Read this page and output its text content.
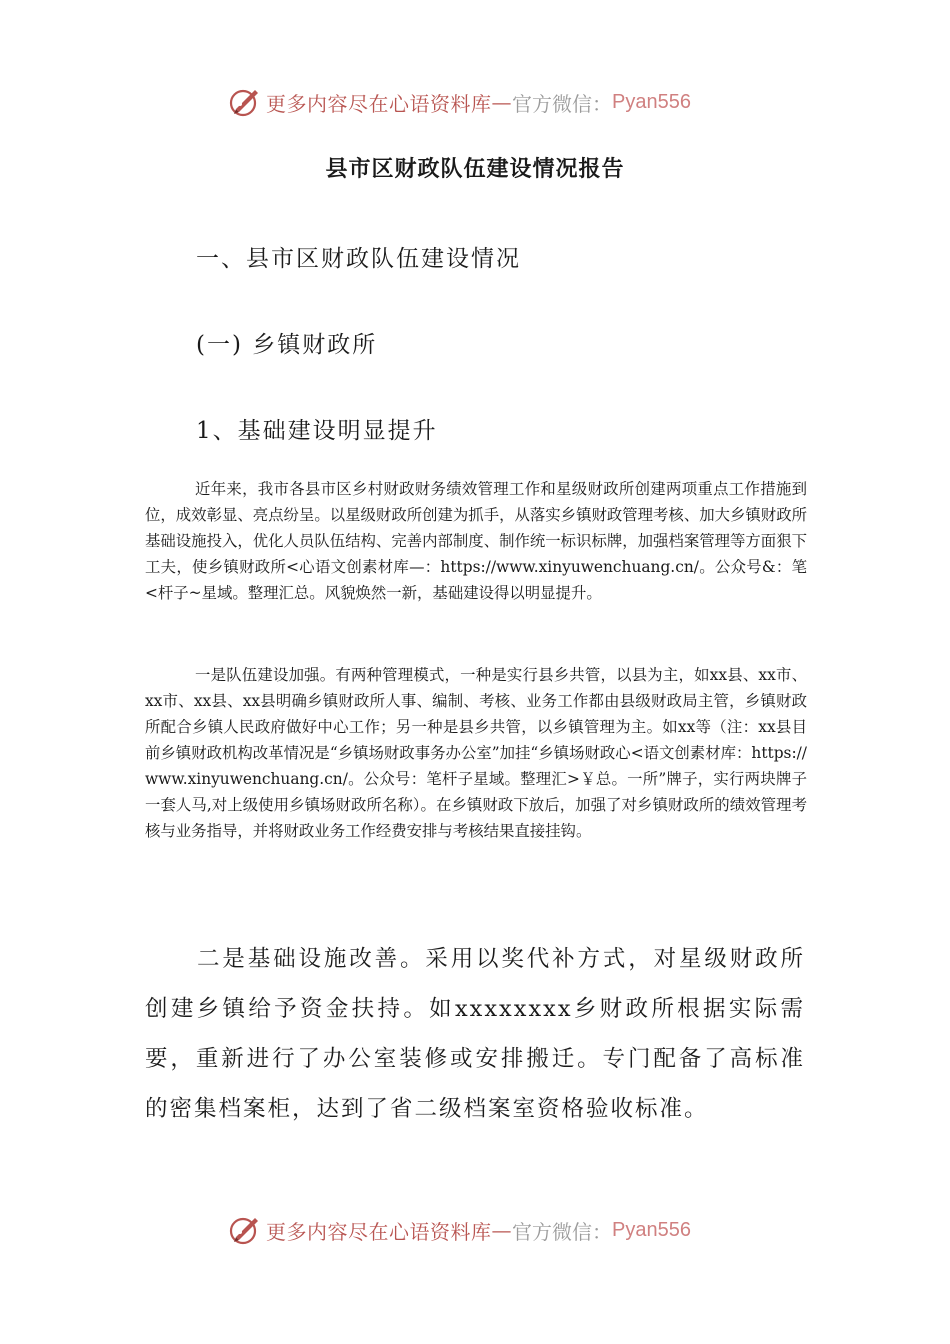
更多内容尽在心语资料库 — 官方微信： Pyan556
县市区财政队伍建设情况报告
一、县市区财政队伍建设情况
(一) 乡镇财政所
1、基础建设明显提升

近年来，我市各县市区乡村财政财务绩效管理工作和星级财政所创建两项重点工作措施到位，成效彰显、亮点纷呈。以星级财政所创建为抓手，从落实乡镇财政管理考核、加大乡镇财政所基础设施投入，优化人员队伍结构、完善内部制度、制作统一标识标牌，加强档案管理等方面狠下工夫，使乡镇财政所<心语文创素材库—：https://www.xinyuwenchuang.cn/。公众号&：笔<杆子~星域。整理汇总。风貌焕然一新，基础建设得以明显提升。

一是队伍建设加强。有两种管理模式，一种是实行县乡共管，以县为主，如xx县、xx市、xx市、xx县、xx县明确乡镇财政所人事、编制、考核、业务工作都由县级财政局主管，乡镇财政所配合乡镇人民政府做好中心工作；另一种是县乡共管，以乡镇管理为主。如xx等（注：xx县目前乡镇财政机构改革情况是“乡镇场财政事务办公室”加挂“乡镇场财政心<语文创素材库：https://www.xinyuwenchuang.cn/。公众号：笔杆子星域。整理汇>￥总。一所”牌子，实行两块牌子一套人马,对上级使用乡镇场财政所名称）。在乡镇财政下放后，加强了对乡镇财政所的绩效管理考核与业务指导，并将财政业务工作经费安排与考核结果直接挂钩。

二是基础设施改善。采用以奖代补方式，对星级财政所创建乡镇给予资金扶持。如xxxxxxxx乡财政所根据实际需要，重新进行了办公室装修或安排搬迁。专门配备了高标准的密集档案柜，达到了省二级档案室资格验收标准。

更多内容尽在心语资料库 — 官方微信： Pyan556
